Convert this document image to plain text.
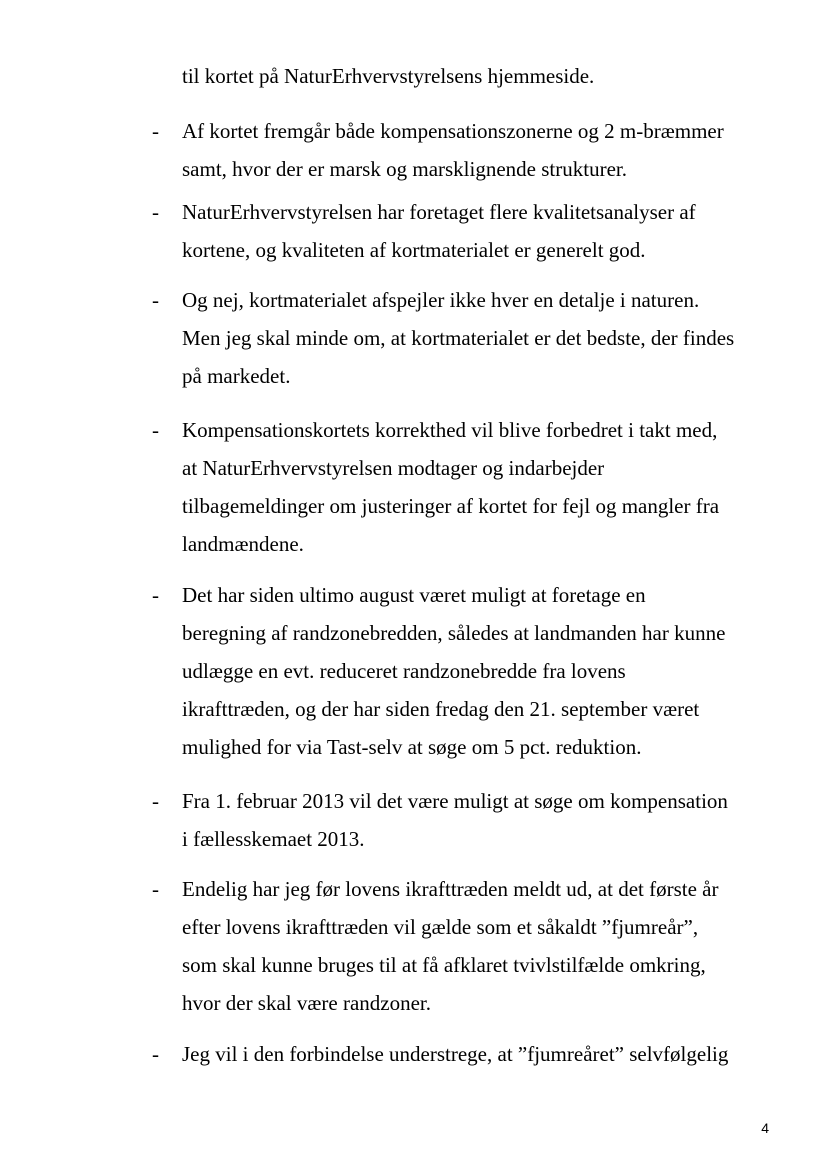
til kortet på NaturErhvervstyrelsens hjemmeside.

- Af kortet fremgår både kompensationszonerne og 2 m-bræmmer
samt, hvor der er marsk og marsklignende strukturer.

- NaturErhvervstyrelsen har foretaget flere kvalitetsanalyser af
kortene, og kvaliteten af kortmaterialet er generelt god.

- Og nej, kortmaterialet afspejler ikke hver en detalje i naturen.
Men jeg skal minde om, at kortmaterialet er det bedste, der findes
på markedet.

- Kompensationskortets korrekthed vil blive forbedret i takt med,
at NaturErhvervstyrelsen modtager og indarbejder
tilbagemeldinger om justeringer af kortet for fejl og mangler fra
landmændene.

- Det har siden ultimo august været muligt at foretage en
beregning af randzonebredden, således at landmanden har kunne
udlægge en evt. reduceret randzonebredde fra lovens
ikrafttræden, og der har siden fredag den 21. september været
mulighed for via Tast-selv at søge om 5 pct. reduktion.

- Fra 1. februar 2013 vil det være muligt at søge om kompensation
i fællesskemaet 2013.

- Endelig har jeg før lovens ikrafttræden meldt ud, at det første år
efter lovens ikrafttræden vil gælde som et såkaldt ”fjumreår”,
som skal kunne bruges til at få afklaret tvivlstilfælde omkring,
hvor der skal være randzoner.

- Jeg vil i den forbindelse understrege, at ”fjumreåret” selvfølgelig

4
